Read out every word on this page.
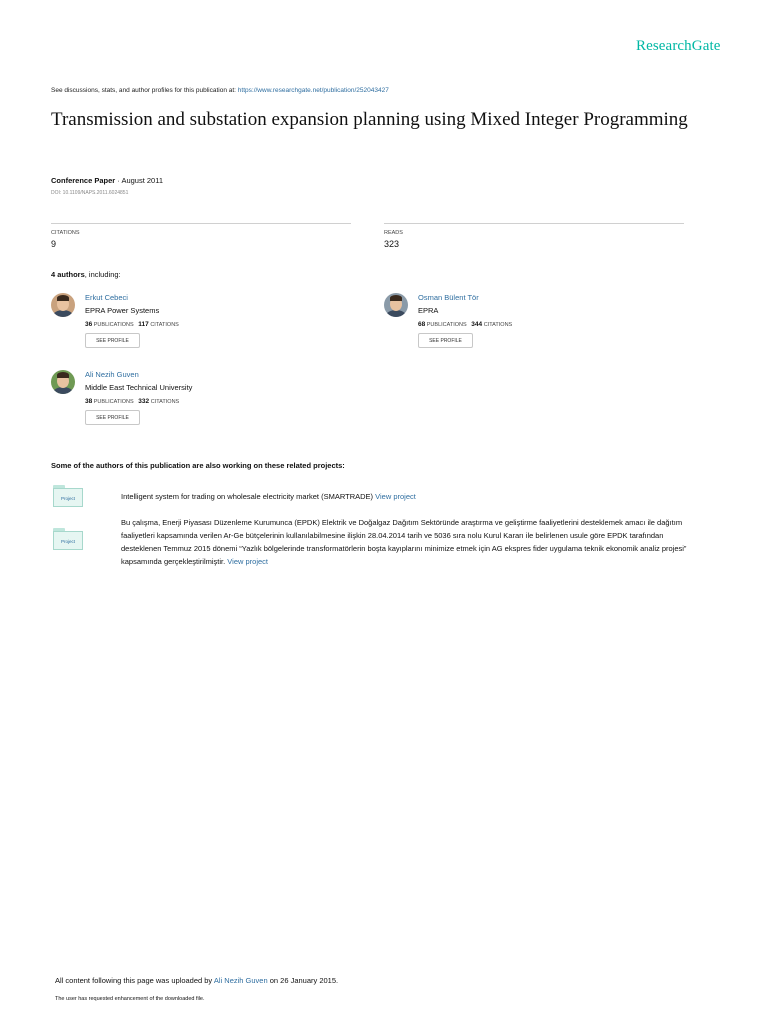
ResearchGate
See discussions, stats, and author profiles for this publication at: https://www.researchgate.net/publication/252043427
Transmission and substation expansion planning using Mixed Integer Programming
Conference Paper · August 2011
DOI: 10.1109/NAPS.2011.6024851
CITATIONS
9
READS
323
4 authors, including:
Erkut Cebeci
EPRA Power Systems
36 PUBLICATIONS 117 CITATIONS
SEE PROFILE
Osman Bülent Tör
EPRA
68 PUBLICATIONS 344 CITATIONS
SEE PROFILE
Ali Nezih Guven
Middle East Technical University
38 PUBLICATIONS 332 CITATIONS
SEE PROFILE
Some of the authors of this publication are also working on these related projects:
Project	Intelligent system for trading on wholesale electricity market (SMARTRADE) View project
Project
Bu çalışma, Enerji Piyasası Düzenleme Kurumunca (EPDK) Elektrik ve Doğalgaz Dağıtım Sektöründe araştırma ve geliştirme faaliyetlerini desteklemek amacı ile dağıtım faaliyetleri kapsamında verilen Ar-Ge bütçelerinin kullanılabilmesine ilişkin 28.04.2014 tarih ve 5036 sıra nolu Kurul Kararı ile belirlenen usule göre EPDK tarafından desteklenen Temmuz 2015 dönemi “Yazlık bölgelerinde transformatörlerin boşta kayıplarını minimize etmek için AG ekspres fider uygulama teknik ekonomik analiz projesi” kapsamında gerçekleştirilmiştir. View project
All content following this page was uploaded by Ali Nezih Guven on 26 January 2015.
The user has requested enhancement of the downloaded file.
